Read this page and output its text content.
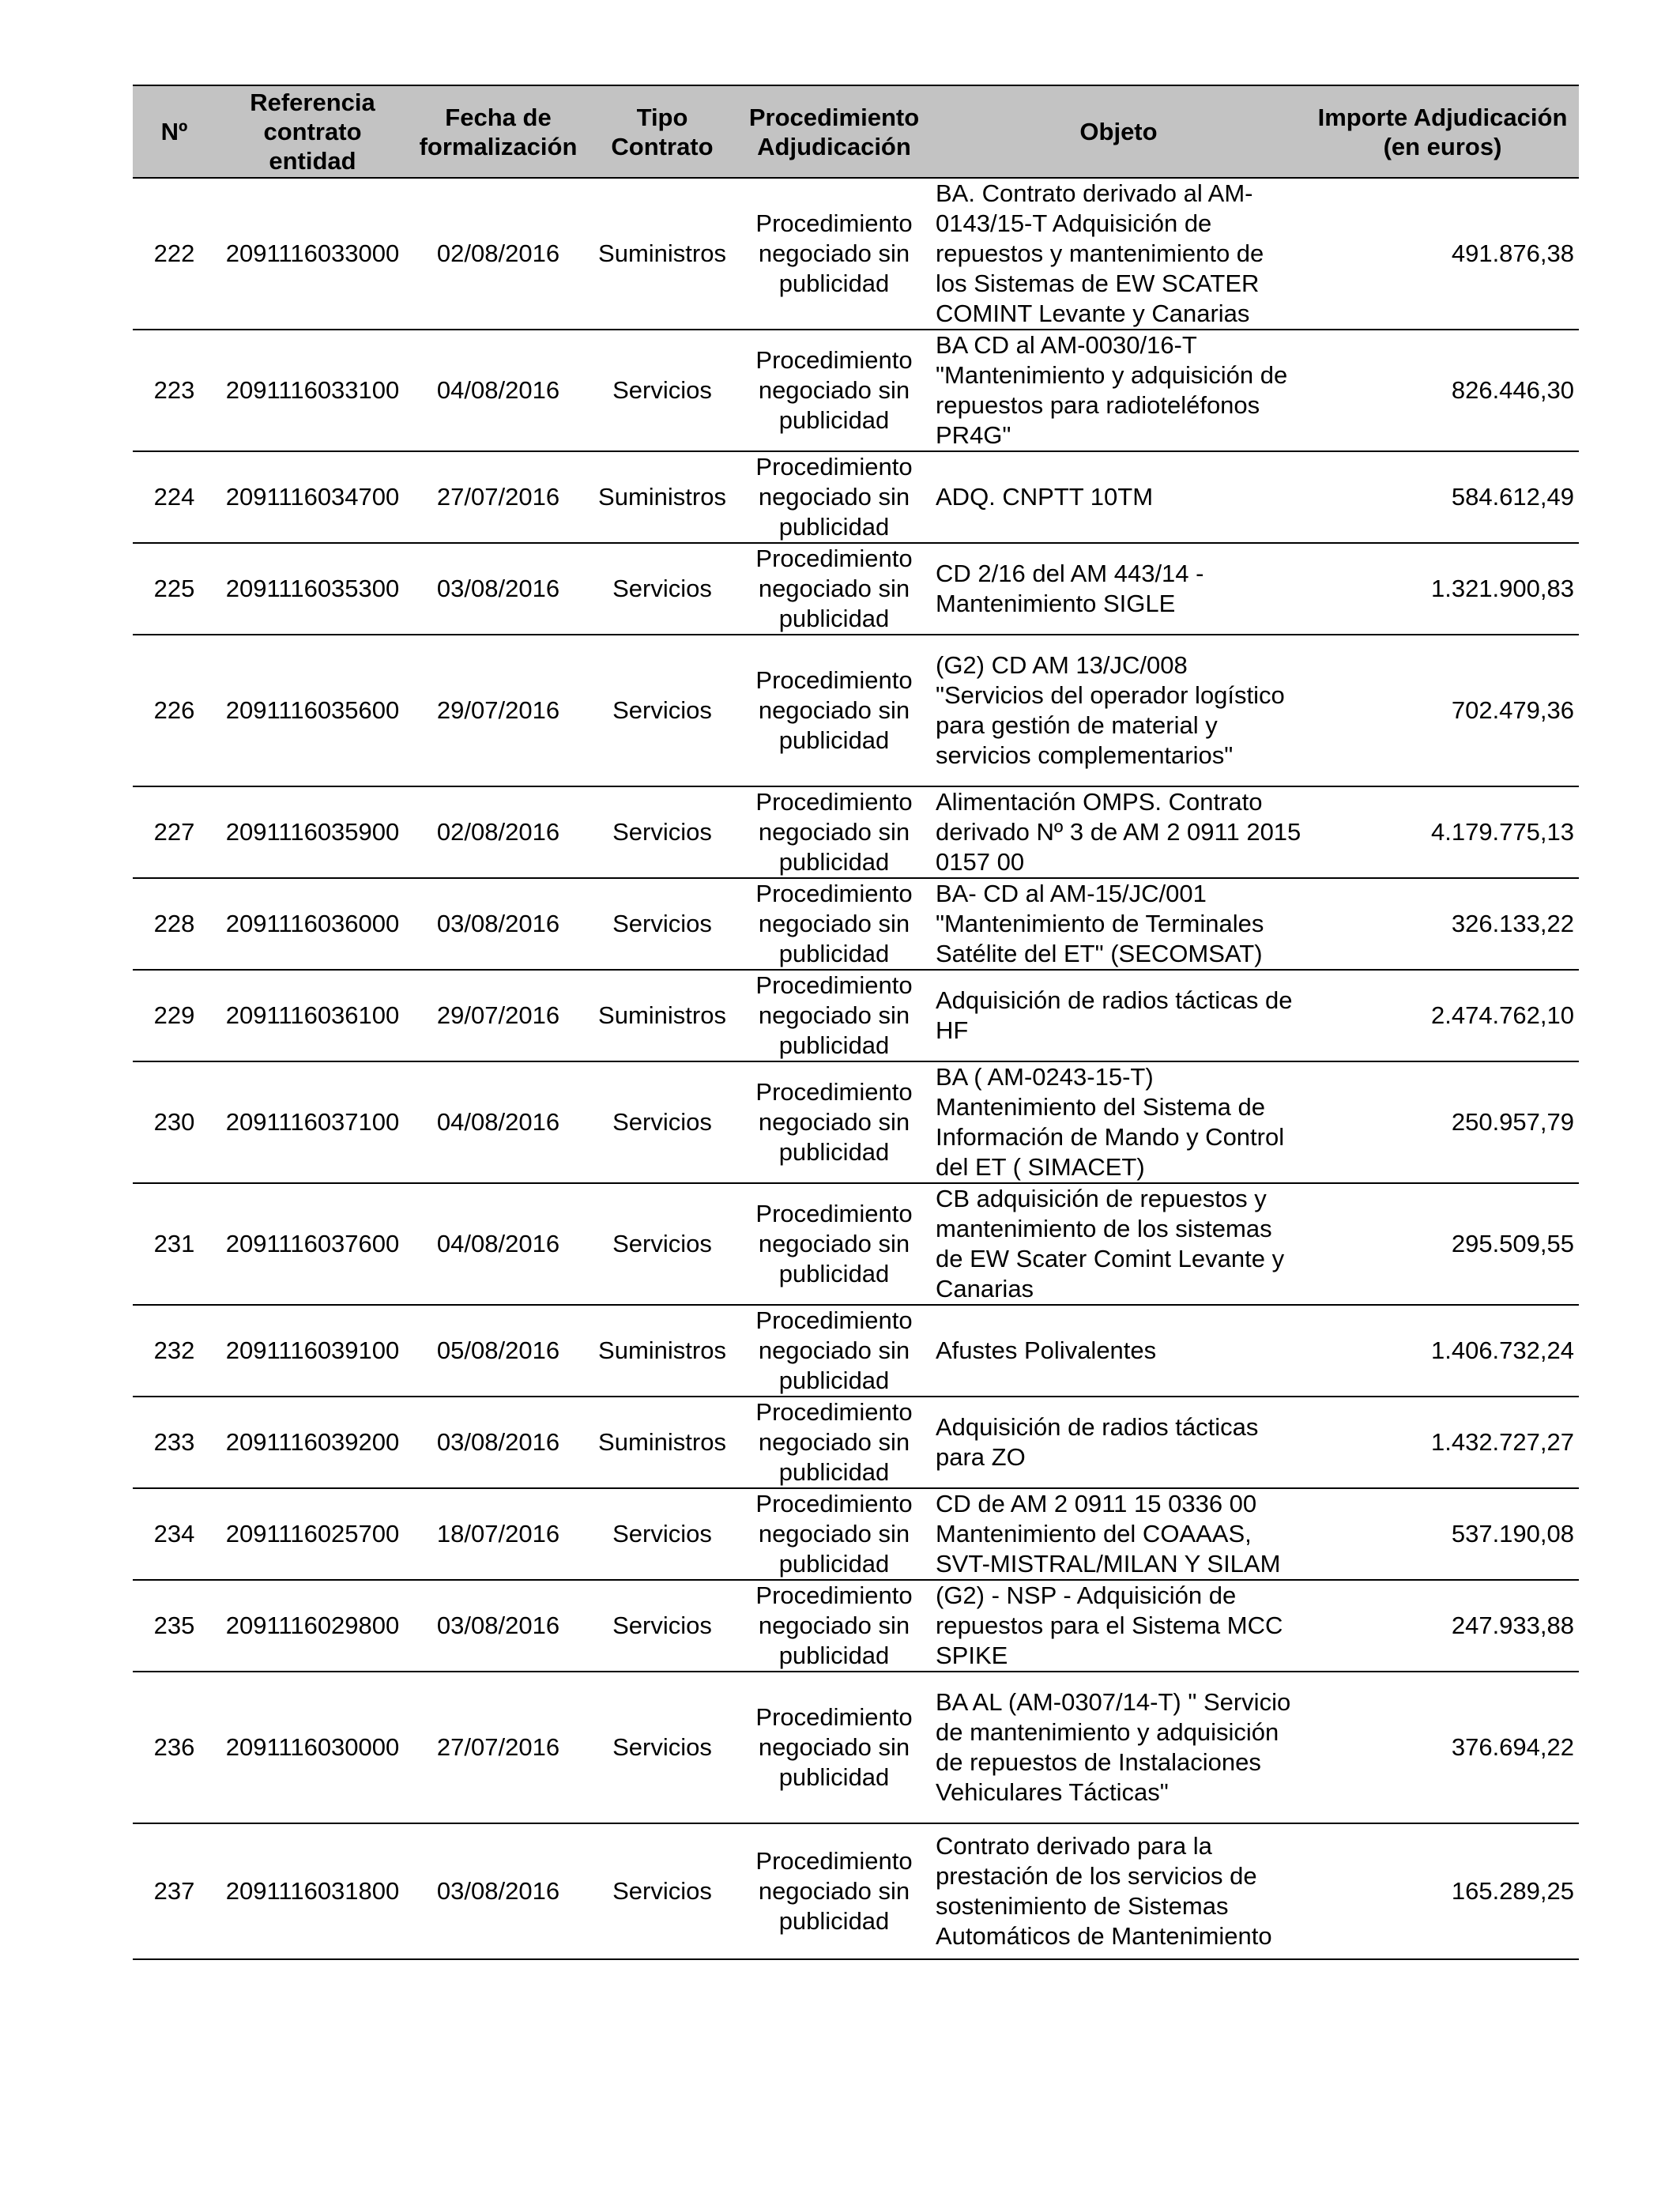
Nº	Referencia contrato entidad	Fecha de formalización	Tipo Contrato	Procedimiento Adjudicación	Objeto	Importe Adjudicación (en euros)
222	2091116033000	02/08/2016	Suministros	Procedimiento negociado sin publicidad	BA. Contrato derivado al AM-0143/15-T Adquisición de repuestos y mantenimiento de los Sistemas de EW SCATER COMINT Levante y Canarias	491.876,38
223	2091116033100	04/08/2016	Servicios	Procedimiento negociado sin publicidad	BA CD al AM-0030/16-T "Mantenimiento y adquisición de repuestos para radioteléfonos PR4G"	826.446,30
224	2091116034700	27/07/2016	Suministros	Procedimiento negociado sin publicidad	ADQ. CNPTT 10TM	584.612,49
225	2091116035300	03/08/2016	Servicios	Procedimiento negociado sin publicidad	CD 2/16 del AM 443/14 - Mantenimiento SIGLE	1.321.900,83
226	2091116035600	29/07/2016	Servicios	Procedimiento negociado sin publicidad	(G2) CD AM 13/JC/008 "Servicios del operador logístico para gestión de material y servicios complementarios"	702.479,36
227	2091116035900	02/08/2016	Servicios	Procedimiento negociado sin publicidad	Alimentación OMPS. Contrato derivado Nº 3 de AM 2 0911 2015 0157 00	4.179.775,13
228	2091116036000	03/08/2016	Servicios	Procedimiento negociado sin publicidad	BA- CD al AM-15/JC/001 "Mantenimiento de Terminales Satélite del ET" (SECOMSAT)	326.133,22
229	2091116036100	29/07/2016	Suministros	Procedimiento negociado sin publicidad	Adquisición de radios tácticas de HF	2.474.762,10
230	2091116037100	04/08/2016	Servicios	Procedimiento negociado sin publicidad	BA ( AM-0243-15-T) Mantenimiento del Sistema de Información de Mando y Control del ET ( SIMACET)	250.957,79
231	2091116037600	04/08/2016	Servicios	Procedimiento negociado sin publicidad	CB adquisición de repuestos y mantenimiento de los sistemas de EW Scater Comint Levante y Canarias	295.509,55
232	2091116039100	05/08/2016	Suministros	Procedimiento negociado sin publicidad	Afustes Polivalentes	1.406.732,24
233	2091116039200	03/08/2016	Suministros	Procedimiento negociado sin publicidad	Adquisición de radios tácticas para ZO	1.432.727,27
234	2091116025700	18/07/2016	Servicios	Procedimiento negociado sin publicidad	CD de AM 2 0911 15 0336 00 Mantenimiento del COAAAS, SVT-MISTRAL/MILAN Y SILAM	537.190,08
235	2091116029800	03/08/2016	Servicios	Procedimiento negociado sin publicidad	(G2) - NSP - Adquisición de repuestos para el Sistema MCC SPIKE	247.933,88
236	2091116030000	27/07/2016	Servicios	Procedimiento negociado sin publicidad	BA AL (AM-0307/14-T) " Servicio de mantenimiento y adquisición de repuestos de Instalaciones Vehiculares Tácticas"	376.694,22
237	2091116031800	03/08/2016	Servicios	Procedimiento negociado sin publicidad	Contrato derivado para la prestación de los servicios de sostenimiento de Sistemas Automáticos de Mantenimiento	165.289,25
